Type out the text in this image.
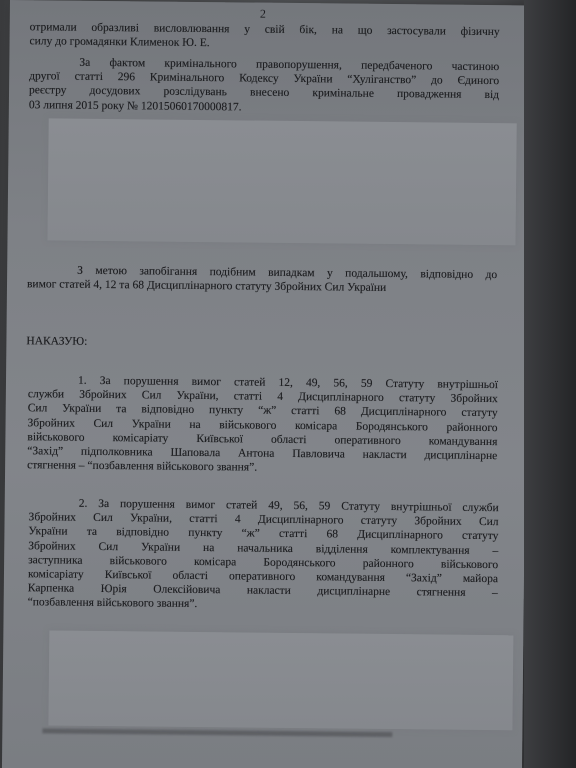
2
отримали образливі висловлювання у свій бік, на що застосували фізичну
силу до громадянки Клименок Ю. Е.
За фактом кримінального правопорушення, передбаченого частиною
другої статті 296 Кримінального Кодексу України “Хуліганство” до Єдиного
реєстру досудових розслідувань внесено кримінальне провадження від
03 липня 2015 року № 12015060170000817.
З метою запобігання подібним випадкам у подальшому, відповідно до
вимог статей 4, 12 та 68 Дисциплінарного статуту Збройних Сил України
НАКАЗУЮ:
1. За порушення вимог статей 12, 49, 56, 59 Статуту внутрішньої
служби Збройних Сил України, статті 4 Дисциплінарного статуту Збройних
Сил України та відповідно пункту “ж” статті 68 Дисциплінарного статуту
Збройних Сил України на військового комісара Бородянського районного
військового комісаріату Київської області оперативного командування
“Захід” підполковника Шаповала Антона Павловича накласти дисциплінарне
стягнення – “позбавлення військового звання”.
2. За порушення вимог статей 49, 56, 59 Статуту внутрішньої служби
Збройних Сил України, статті 4 Дисциплінарного статуту Збройних Сил
України та відповідно пункту “ж” статті 68 Дисциплінарного статуту
Збройних Сил України на начальника відділення комплектування –
заступника військового комісара Бородянського районного військового
комісаріату Київської області оперативного командування “Захід” майора
Карпенка Юрія Олексійовича накласти дисциплінарне стягнення –
“позбавлення військового звання”.
